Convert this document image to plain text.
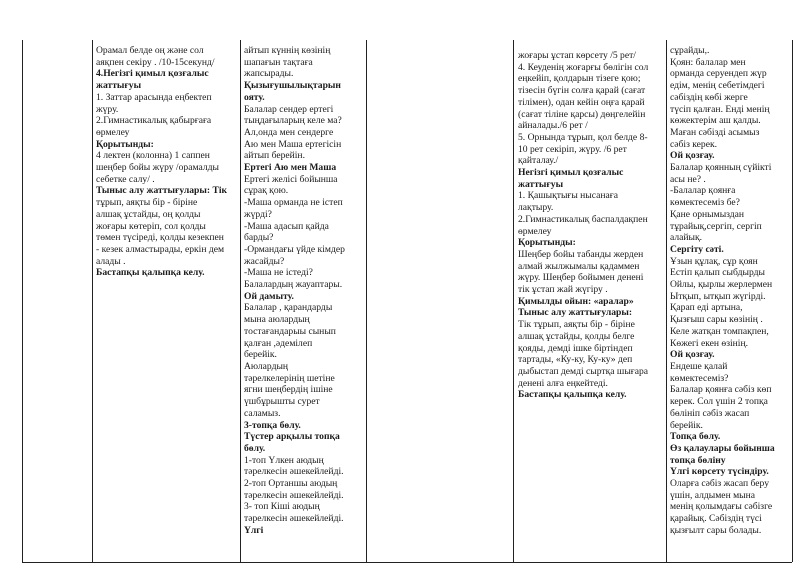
Орамал белде оң және сол
аяқпен секіру . /10-15секунд/
4.Негізгі қимыл қозғалыс
жаттығуы
1. Заттар арасында еңбектеп
жүру.
2.Гимнастикалық қабырғаға
өрмелеу
Қорытынды:
4 лектен (колонна) 1 саппен
шеңбер бойы жүру /орамалды
себетке салу/ .
Тыныс алу жаттығулары: Тік
тұрып, аяқты бір - біріне
алшақ ұстайды, оң қолды
жоғары көтеріп, сол қолды
төмен түсіреді, қолды кезекпен
- кезек алмастырады, еркін дем
алады .
Бастапқы қалыпқа келу.
айтып күннің көзінің
шапағын тақтаға
жапсырады.
Қызығушылықтарын
ояту.
Балалар сендер ертегі
тыңдағыларың келе ма?
Ал,онда мен сендерге
Аю мен Маша ертегісін
айтып берейін.
Ертегі Аю мен Маша
Ертегі желісі бойынша
сұрақ қою.
-Маша орманда не істеп
жүрді?
-Маша адасып қайда
барды?
-Ормандағы үйде кімдер
жасайды?
-Маша не істеді?
Балалардың жауаптары.
Ой дамыту.
Балалар , қарандарды
мына аюлардың
тостағандарыы сынып
қалған ,әдемілеп
берейік.
Аюлардың
тәрелкелерінің шетіне
ягни шеңбердің ішіне
үшбұрышты сурет
саламыз.
3-топқа бөлу.
Түстер арқылы топқа
бөлу.
1-топ Үлкен аюдың
тәрелкесін әшекейлейді.
2-топ Ортаншы аюдың
тәрелкесін әшекейлейді.
3- топ Кіші аюдың
тәрелкесін әшекейлейді.
Үлгі
жоғары ұстап көрсету /5 рет/
4. Кеуденің жоғарғы бөлігін сол
еңкейіп, қолдарын тізеге қою;
тізесін бүгін солға қарай (сағат
тілімен), одан кейін оңға қарай
(сағат тіліне қарсы) дөңгелейін
айналады./6 рет /
5. Орнында тұрып, қол белде 8-
10 рет секіріп, жүру. /6 рет
қайталау./
Негізгі қимыл қозғалыс
жаттығуы
1. Қашықтығы нысанаға
лақтыру.
2.Гимнастикалық баспалдақпен
өрмелеу
Қорытынды:
Шеңбер бойы табанды жерден
алмай жылжымалы қадаммен
жүру. Шеңбер бойымен денені
тік ұстап жай жүгіру .
Қимылды ойын: «аралар»
Тыныс алу жаттығулары:
Тік тұрып, аяқты бір - біріне
алшақ ұстайды, қолды белге
қояды, демді ішке біртіндеп
тартады, «Ку-ку, Ку-ку» деп
дыбыстап демді сыртқа шығара
денені алға еңкейтеді.
Бастапқы қалыпқа келу.
сұрайды,.
Қоян: балалар мен
орманда серуендеп жүр
едім, менің себетімдегі
сәбіздің көбі жерге
түсіп қалған. Енді менің
көжектерім аш қалды.
Маған сәбізді асымыз
сәбіз керек.
Ой қозғау.
Балалар қоянның сүйікті
асы не? .
-Балалар қоянға
көмектесеміз бе?
Қане орнымыздан
тұрайық,сергіп, сергіп
алайық.
Сергіту сәті.
Ұзын құлақ, сұр қоян
Естіп қалып сыбдырды
Ойлы, қырлы жерлермен
Ытқып, ытқып жүгірді.
Қарап еді артына,
Қызғыш сары көзінің .
Келе жатқан томпақпен,
Көжегі екен өзінің.
Ой қозғау.
Ендеше қалай
көмектесеміз?
Балалар қоянға сәбіз көп
керек. Сол үшін 2 топқа
бөлініп сәбіз жасап
берейік.
Топқа бөлу.
Өз қалаулары бойынша
топқа бөліну
Үлгі көрсету түсіндіру.
Оларға сәбіз жасап беру
үшін, алдымен мына
менің қолымдағы сәбізге
қарайық. Сәбіздің түсі
қызғылт сары болады.
